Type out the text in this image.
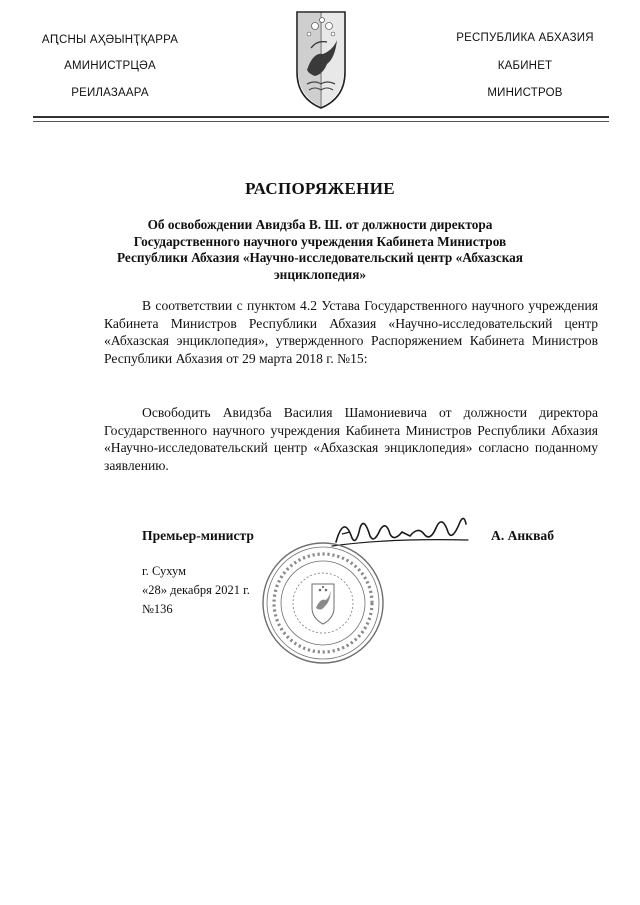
АԤСНЫ АҲӘЫНҬҚАРРА
АМИНИСТРЦӘА
РЕИЛАЗААРА
РЕСПУБЛИКА АБХАЗИЯ
КАБИНЕТ
МИНИСТРОВ
РАСПОРЯЖЕНИЕ
Об освобождении Авидзба В. Ш. от должности директора Государственного научного учреждения Кабинета Министров Республики Абхазия «Научно-исследовательский центр «Абхазская энциклопедия»
В соответствии с пунктом 4.2 Устава Государственного научного учреждения Кабинета Министров Республики Абхазия «Научно-исследовательский центр «Абхазская энциклопедия», утвержденного Распоряжением Кабинета Министров Республики Абхазия от 29 марта 2018 г. №15:
Освободить Авидзба Василия Шамониевича от должности директора Государственного научного учреждения Кабинета Министров Республики Абхазия «Научно-исследовательский центр «Абхазская энциклопедия» согласно поданному заявлению.
Премьер-министр	А. Анкваб
г. Сухум
«28» декабря 2021 г.
№136
